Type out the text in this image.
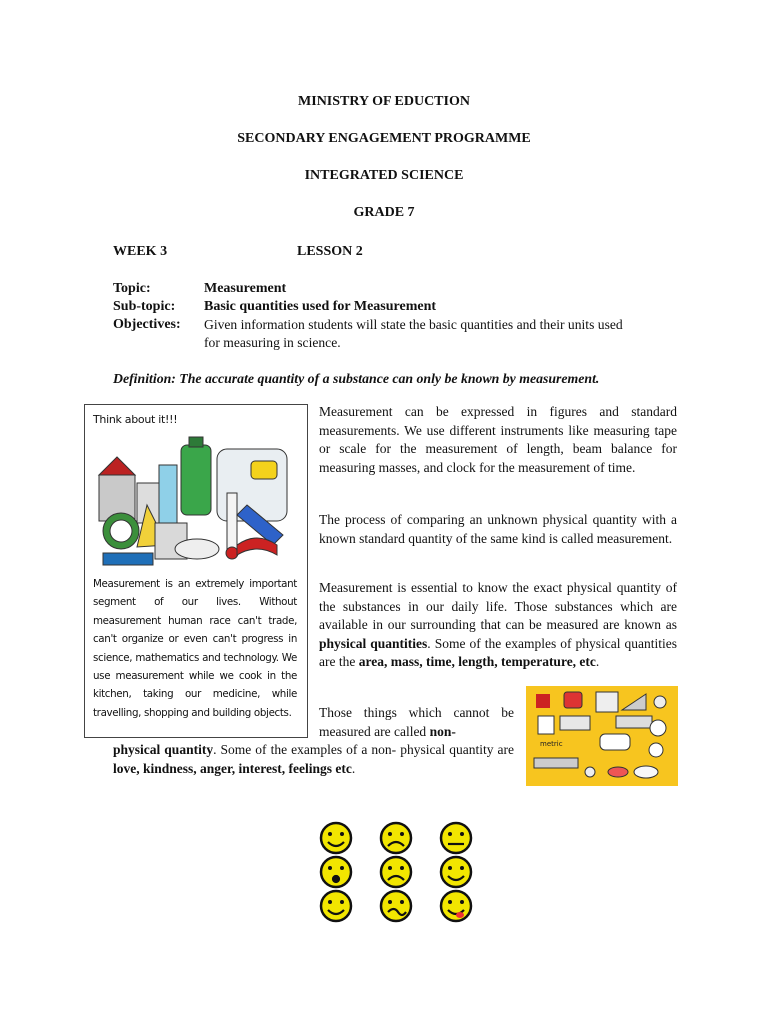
MINISTRY OF EDUCTION
SECONDARY ENGAGEMENT PROGRAMME
INTEGRATED SCIENCE
GRADE 7
WEEK 3	LESSON 2
Topic:	Measurement
Sub-topic: Basic quantities used for Measurement
Objectives: Given information students will state the basic quantities and their units used
for measuring in science.
Definition: The accurate quantity of a substance can only be known by measurement.
Think about it!!!
Measurement is an extremely important segment of our lives. Without measurement human race can't trade, can't organize or even can't progress in science, mathematics and technology. We use measurement while we cook in the kitchen, taking our medicine, while travelling, shopping and building objects.
Measurement can be expressed in figures and standard measurements. We use different instruments like measuring tape or scale for the measurement of length, beam balance for measuring masses, and clock for the measurement of time.
The process of comparing an unknown physical quantity with a known standard quantity of the same kind is called measurement.
Measurement is essential to know the exact physical quantity of the substances in our daily life. Those substances which are available in our surrounding that can be measured are known as physical quantities. Some of the examples of physical quantities are the area, mass, time, length, temperature, etc.
metric
Those things which cannot be measured are called non-
physical quantity. Some of the examples of a non- physical quantity are love, kindness, anger, interest, feelings etc.
